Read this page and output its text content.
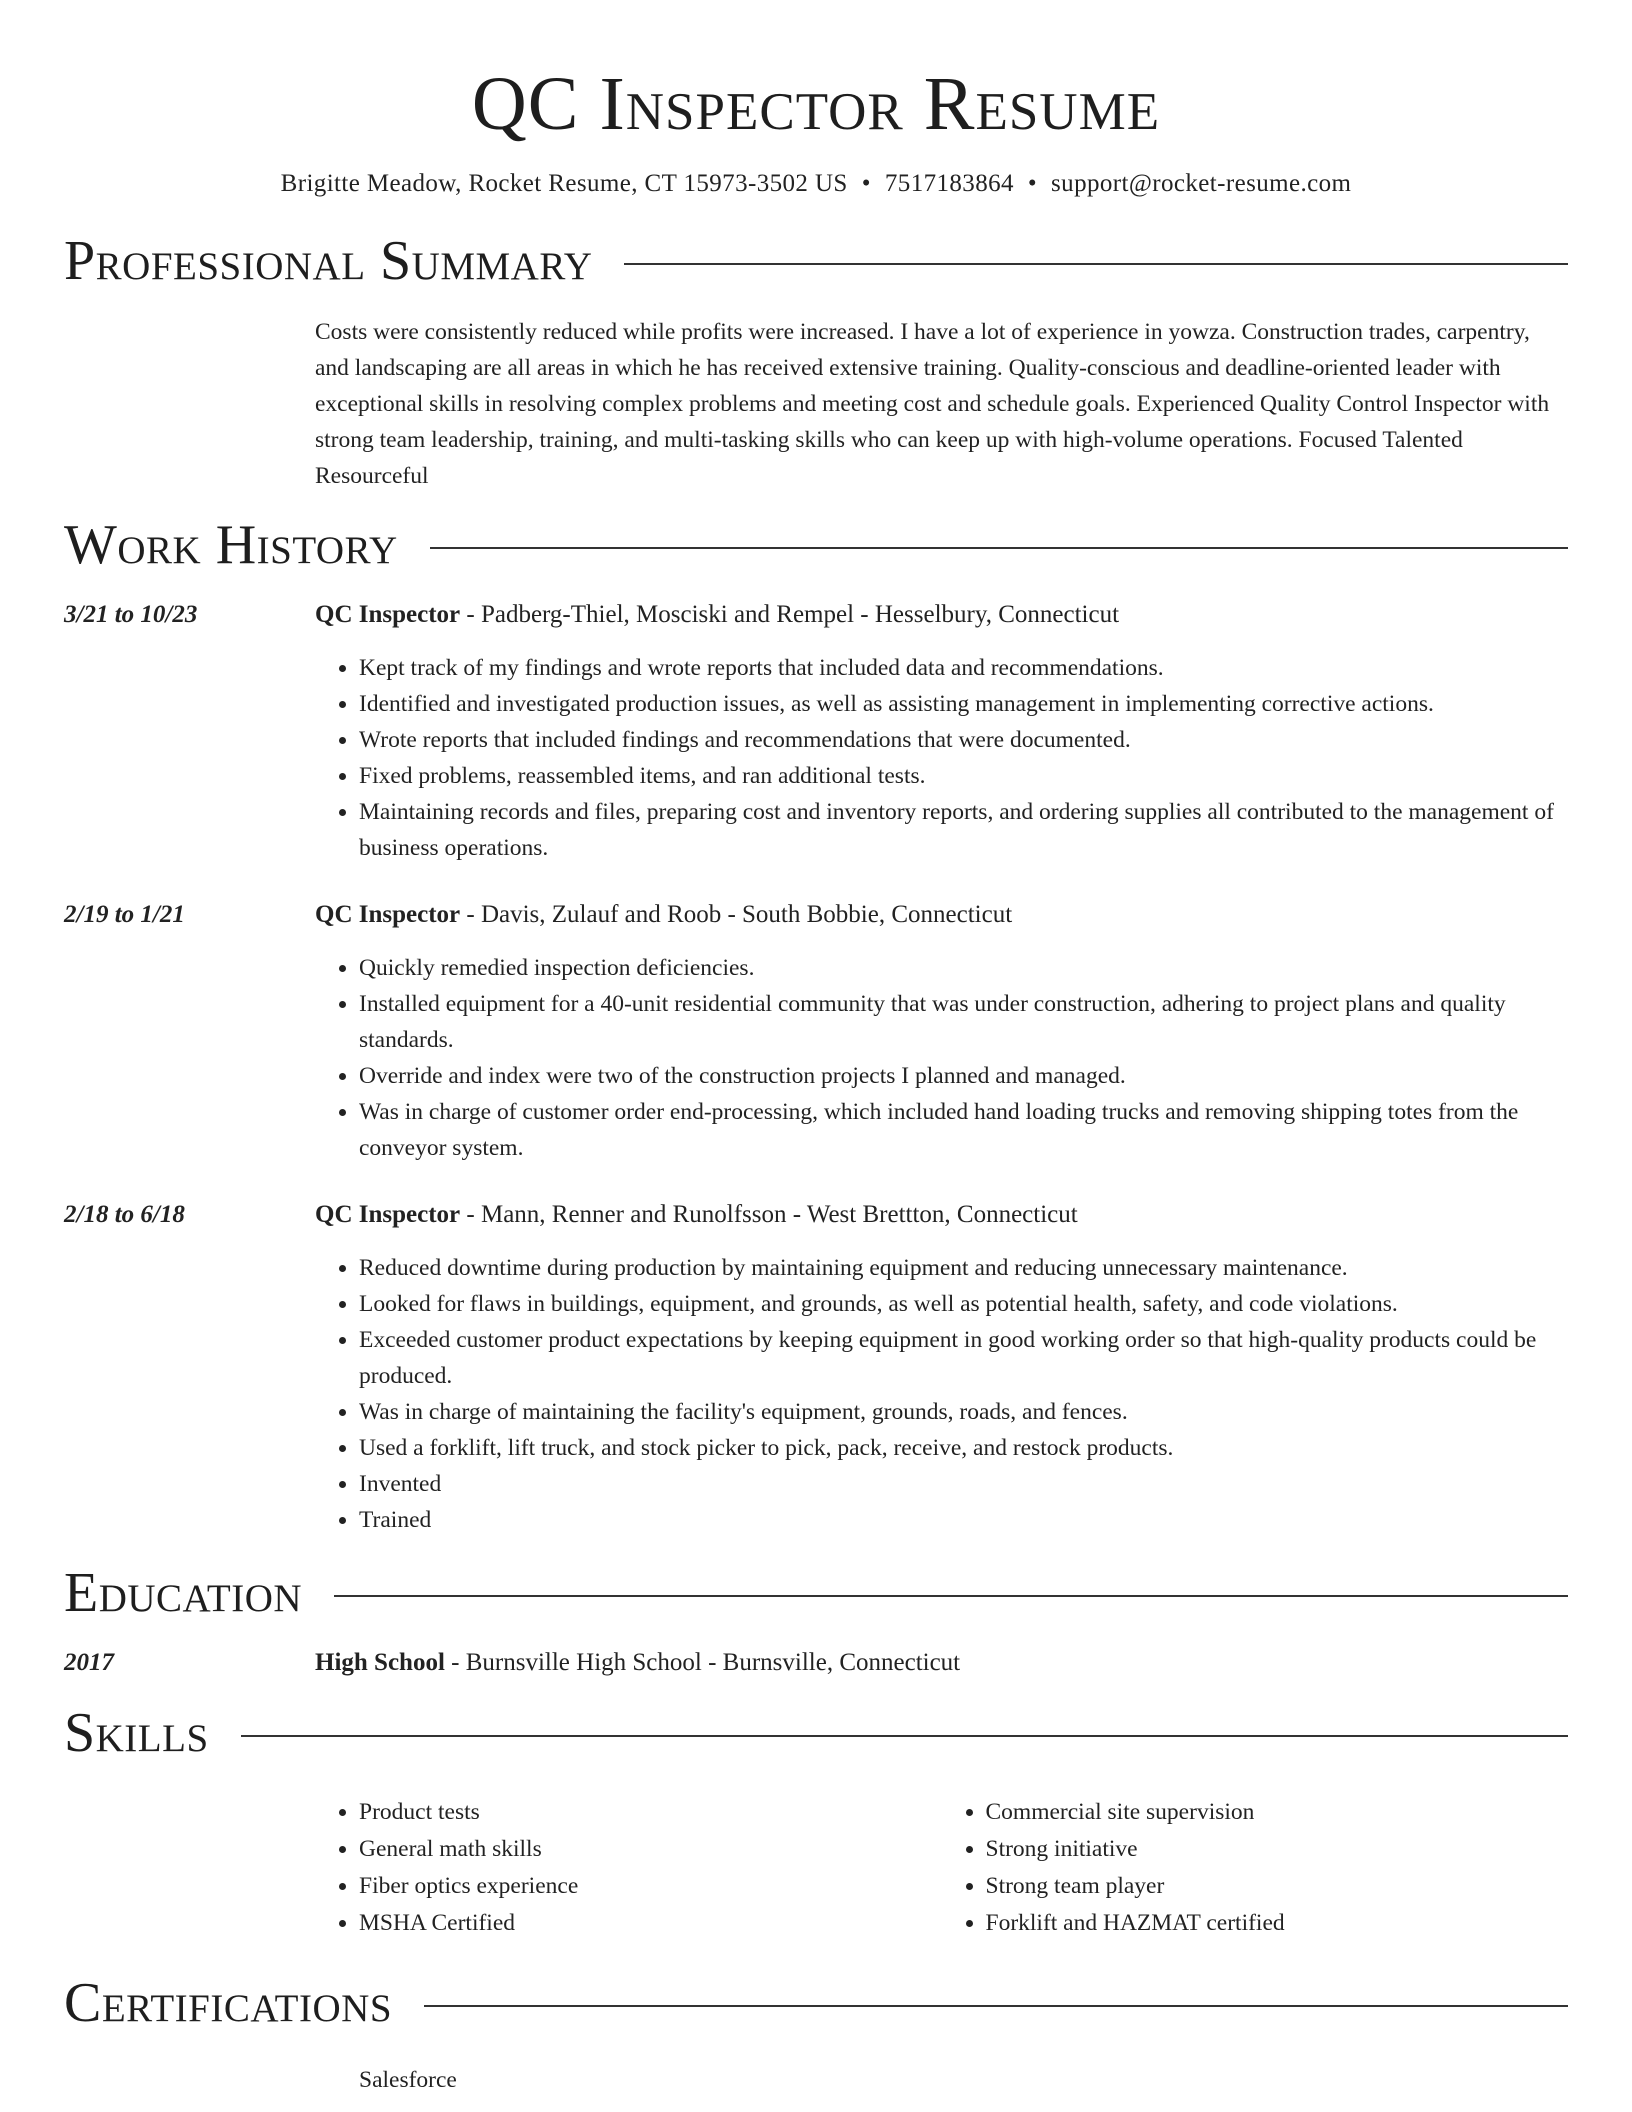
QC Inspector Resume
Brigitte Meadow, Rocket Resume, CT 15973-3502 US • 7517183864 • support@rocket-resume.com
Professional Summary
Costs were consistently reduced while profits were increased. I have a lot of experience in yowza. Construction trades, carpentry, and landscaping are all areas in which he has received extensive training. Quality-conscious and deadline-oriented leader with exceptional skills in resolving complex problems and meeting cost and schedule goals. Experienced Quality Control Inspector with strong team leadership, training, and multi-tasking skills who can keep up with high-volume operations. Focused Talented Resourceful
Work History
3/21 to 10/23	QC Inspector - Padberg-Thiel, Mosciski and Rempel - Hesselbury, Connecticut
• Kept track of my findings and wrote reports that included data and recommendations.
• Identified and investigated production issues, as well as assisting management in implementing corrective actions.
• Wrote reports that included findings and recommendations that were documented.
• Fixed problems, reassembled items, and ran additional tests.
• Maintaining records and files, preparing cost and inventory reports, and ordering supplies all contributed to the management of business operations.
2/19 to 1/21	QC Inspector - Davis, Zulauf and Roob - South Bobbie, Connecticut
• Quickly remedied inspection deficiencies.
• Installed equipment for a 40-unit residential community that was under construction, adhering to project plans and quality standards.
• Override and index were two of the construction projects I planned and managed.
• Was in charge of customer order end-processing, which included hand loading trucks and removing shipping totes from the conveyor system.
2/18 to 6/18	QC Inspector - Mann, Renner and Runolfsson - West Brettton, Connecticut
• Reduced downtime during production by maintaining equipment and reducing unnecessary maintenance.
• Looked for flaws in buildings, equipment, and grounds, as well as potential health, safety, and code violations.
• Exceeded customer product expectations by keeping equipment in good working order so that high-quality products could be produced.
• Was in charge of maintaining the facility's equipment, grounds, roads, and fences.
• Used a forklift, lift truck, and stock picker to pick, pack, receive, and restock products.
• Invented
• Trained
Education
2017	High School - Burnsville High School - Burnsville, Connecticut
Skills
• Product tests
• General math skills
• Fiber optics experience
• MSHA Certified
• Commercial site supervision
• Strong initiative
• Strong team player
• Forklift and HAZMAT certified
Certifications
Salesforce
